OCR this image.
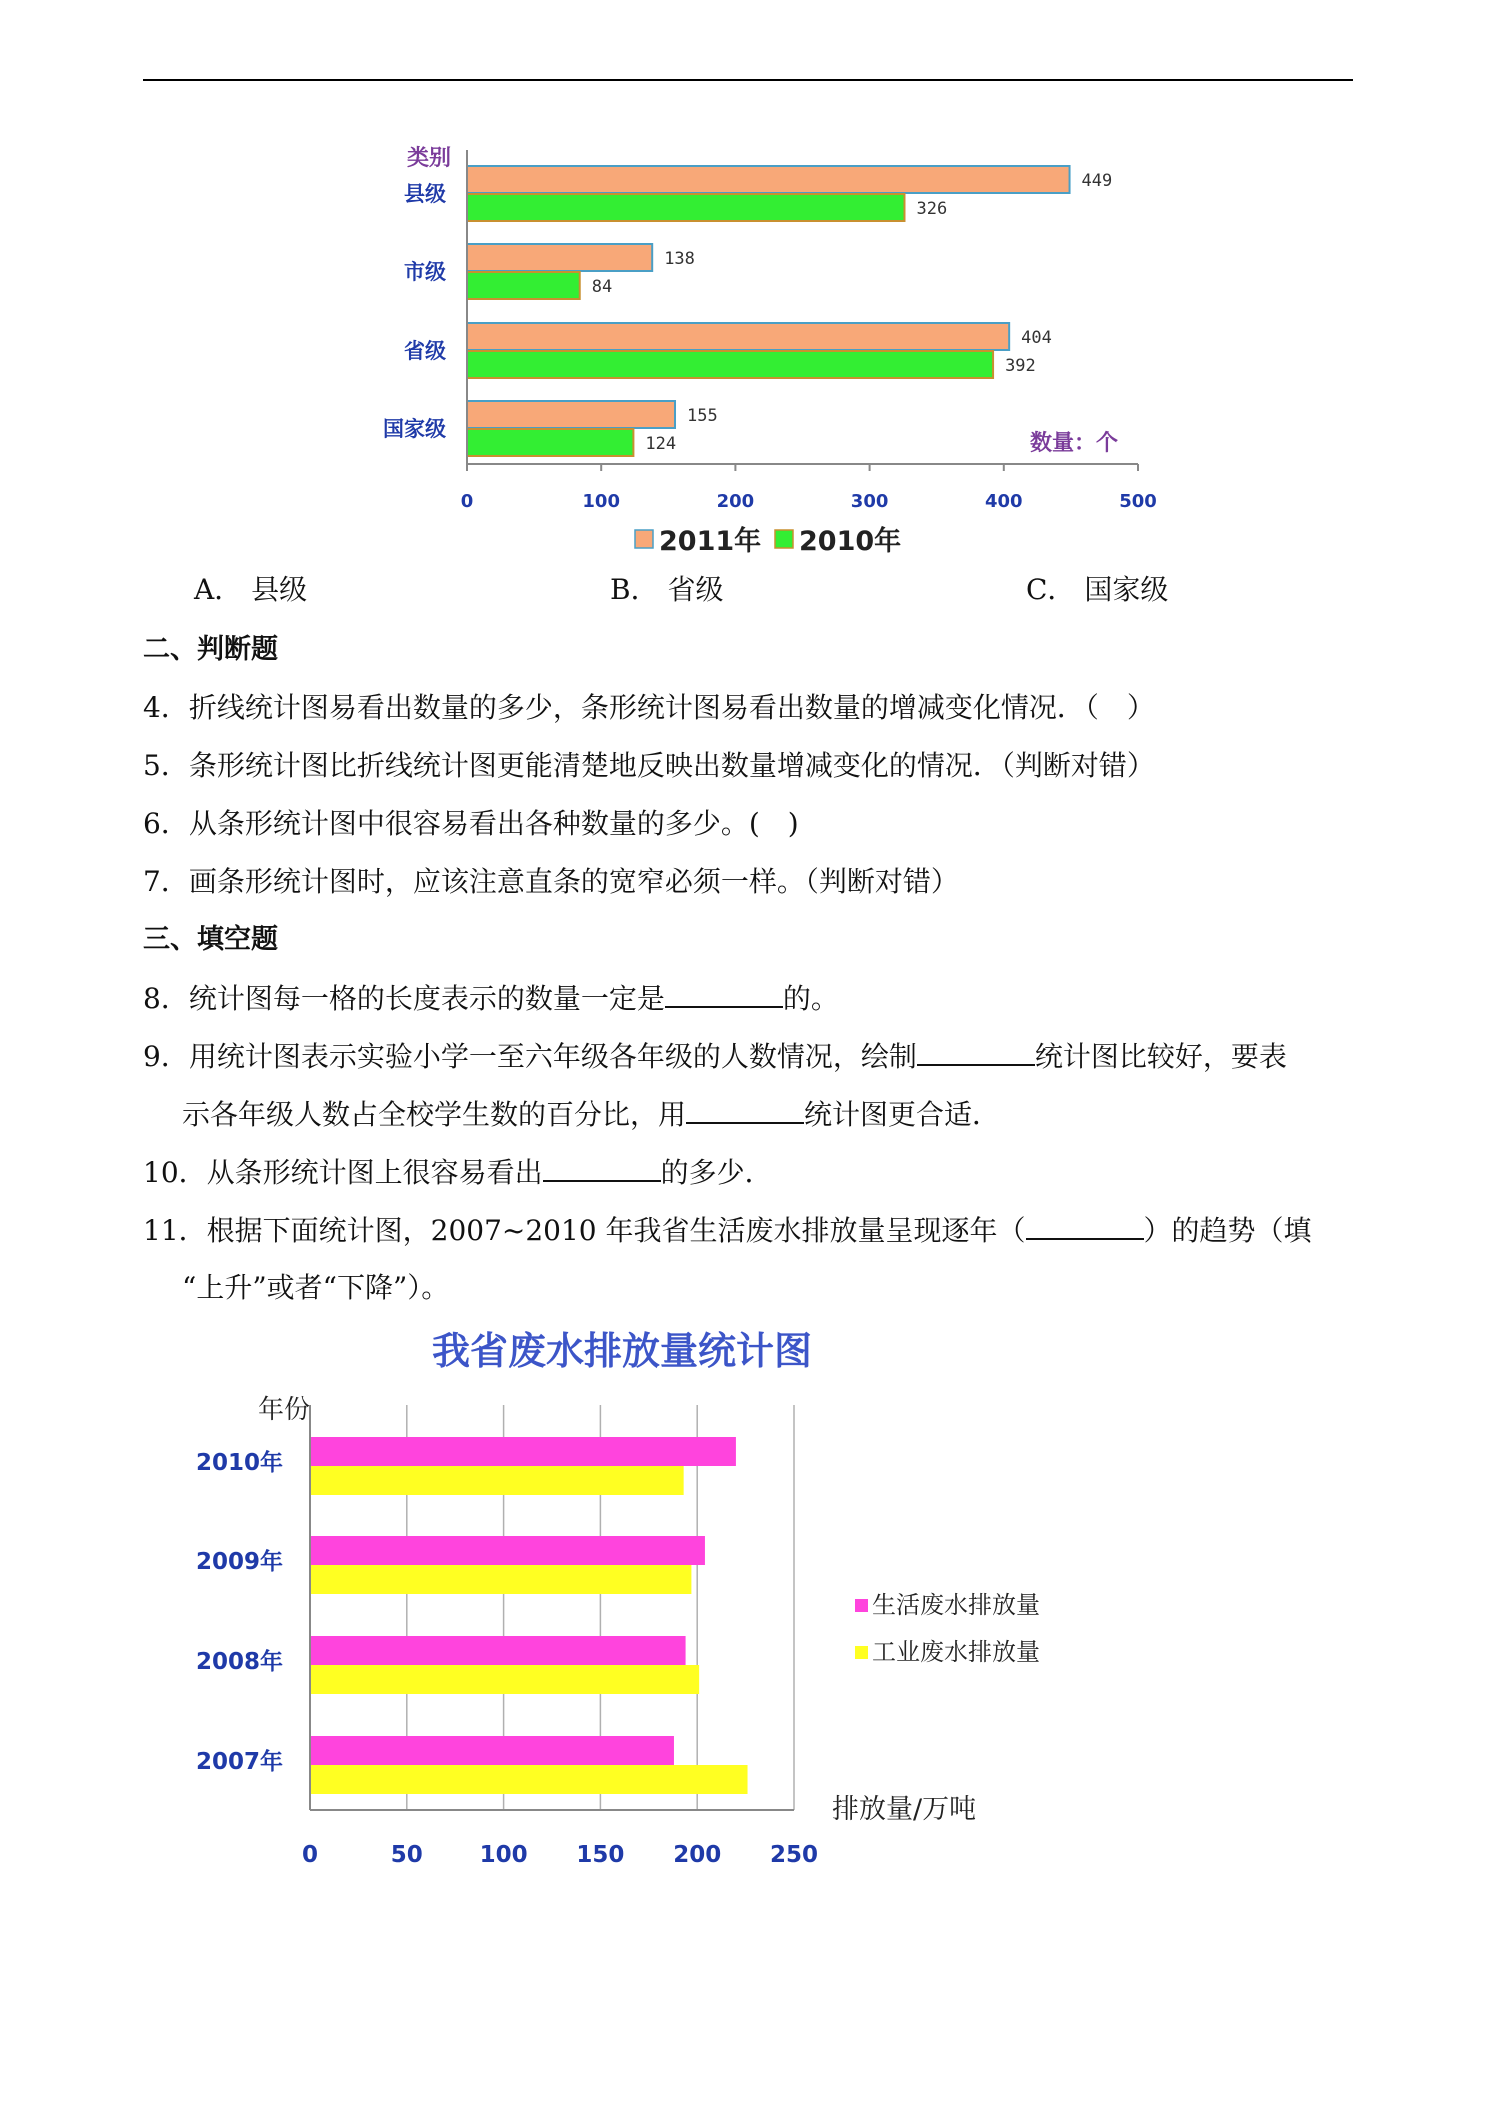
类别
数量：个
县级
市级
省级
国家级
449
326
138
84
404
392
155
124
0	100	200	300	400	500
2011年 2010年
A． 县级	B． 省级	C． 国家级
二、判断题
4．折线统计图易看出数量的多少，条形统计图易看出数量的增减变化情况．（　）
5．条形统计图比折线统计图更能清楚地反映出数量增减变化的情况．（判断对错）
6．从条形统计图中很容易看出各种数量的多少。(　)
7．画条形统计图时，应该注意直条的宽窄必须一样。（判断对错）
三、填空题
8．统计图每一格的长度表示的数量一定是	的。
9．用统计图表示实验小学一至六年级各年级的人数情况，绘制	统计图比较好，要表
示各年级人数占全校学生数的百分比，用	统计图更合适．
10．从条形统计图上很容易看出	的多少．
11．根据下面统计图，2007~2010 年我省生活废水排放量呈现逐年（	）的趋势（填
“上升”或者“下降”）。
我省废水排放量统计图
年份
排放量/万吨
2010年
2009年
2008年
2007年
0	50 100 150 200 250
生活废水排放量
工业废水排放量
